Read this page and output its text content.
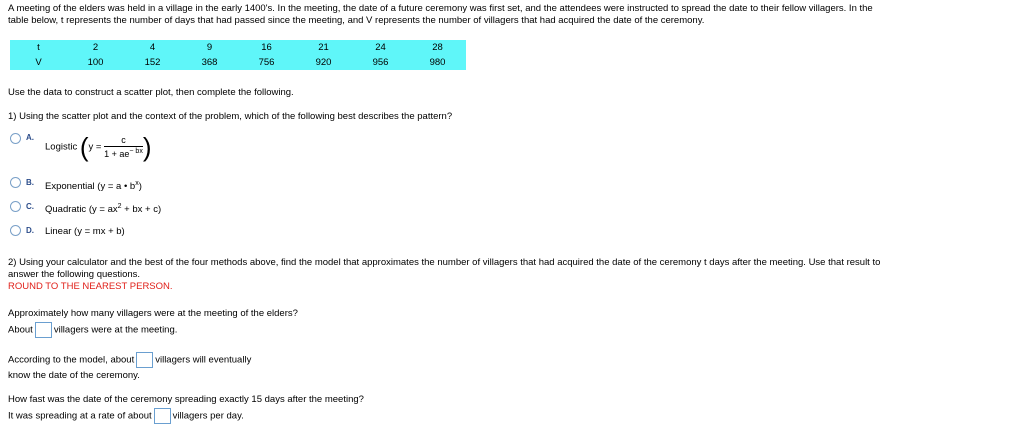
A meeting of the elders was held in a village in the early 1400's. In the meeting, the date of a future ceremony was first set, and the attendees were instructed to spread the date to their fellow villagers. In the
table below, t represents the number of days that had passed since the meeting, and V represents the number of villagers that had acquired the date of the ceremony.
t	2	4	9	16	21	24	28
V	100	152	368	756	920	956	980
Use the data to construct a scatter plot, then complete the following.
1) Using the scatter plot and the context of the problem, which of the following best describes the pattern?
A.
Logistic ($y = \frac{c}{1 + ae^{- bx}}$ )
B. Exponential (y = a • $b^x$)
C. Quadratic ($y = ax^2$ + bx + c)
D. Linear (y = mx + b)
2) Using your calculator and the best of the four methods above, find the model that approximates the number of villagers that had acquired the date of the ceremony t days after the meeting. Use that result to
answer the following questions.
ROUND TO THE NEAREST PERSON.
Approximately how many villagers were at the meeting of the elders?
About villagers were at the meeting.
According to the model, about villagers will eventually
know the date of the ceremony.
How fast was the date of the ceremony spreading exactly 15 days after the meeting?
It was spreading at a rate of about villagers per day.
